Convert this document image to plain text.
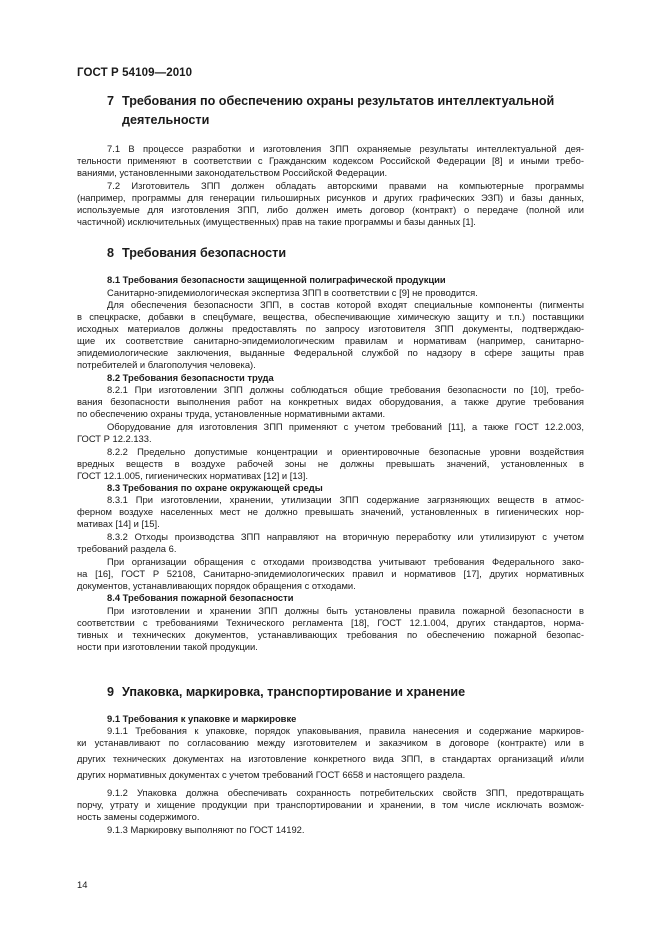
ГОСТ Р 54109—2010
7 Требования по обеспечению охраны результатов интеллектуальной
деятельности
7.1 В процессе разработки и изготовления ЗПП охраняемые результаты интеллектуальной дея-
тельности применяют в соответствии с Гражданским кодексом Российской Федерации [8] и иными требо-
ваниями, установленными законодательством Российской Федерации.
7.2 Изготовитель ЗПП должен обладать авторскими правами на компьютерные программы
(например, программы для генерации гильоширных рисунков и других графических ЭЗП) и базы данных,
используемые для изготовления ЗПП, либо должен иметь договор (контракт) о передаче (полной или
частичной) исключительных (имущественных) прав на такие программы и базы данных [1].
8 Требования безопасности
8.1 Требования безопасности защищенной полиграфической продукции
Санитарно-эпидемиологическая экспертиза ЗПП в соответствии с [9] не проводится.
Для обеспечения безопасности ЗПП, в состав которой входят специальные компоненты (пигменты
в спецкраске, добавки в спецбумаге, вещества, обеспечивающие химическую защиту и т.п.) поставщики
исходных материалов должны предоставлять по запросу изготовителя ЗПП документы, подтверждаю-
щие их соответствие санитарно-эпидемиологическим правилам и нормативам (например, санитарно-
эпидемиологические заключения, выданные Федеральной службой по надзору в сфере защиты прав
потребителей и благополучия человека).
8.2 Требования безопасности труда
8.2.1 При изготовлении ЗПП должны соблюдаться общие требования безопасности по [10], требо-
вания безопасности выполнения работ на конкретных видах оборудования, а также другие требования
по обеспечению охраны труда, установленные нормативными актами.
Оборудование для изготовления ЗПП применяют с учетом требований [11], а также ГОСТ 12.2.003,
ГОСТ Р 12.2.133.
8.2.2 Предельно допустимые концентрации и ориентировочные безопасные уровни воздействия
вредных веществ в воздухе рабочей зоны не должны превышать значений, установленных в
ГОСТ 12.1.005, гигиенических нормативах [12] и [13].
8.3 Требования по охране окружающей среды
8.3.1 При изготовлении, хранении, утилизации ЗПП содержание загрязняющих веществ в атмос-
ферном воздухе населенных мест не должно превышать значений, установленных в гигиенических нор-
мативах [14] и [15].
8.3.2 Отходы производства ЗПП направляют на вторичную переработку или утилизируют с учетом
требований раздела 6.
При организации обращения с отходами производства учитывают требования Федерального зако-
на [16], ГОСТ Р 52108, Санитарно-эпидемиологических правил и нормативов [17], других нормативных
документов, устанавливающих порядок обращения с отходами.
8.4 Требования пожарной безопасности
При изготовлении и хранении ЗПП должны быть установлены правила пожарной безопасности в
соответствии с требованиями Технического регламента [18], ГОСТ 12.1.004, других стандартов, норма-
тивных и технических документов, устанавливающих требования по обеспечению пожарной безопас-
ности при изготовлении такой продукции.
9 Упаковка, маркировка, транспортирование и хранение
9.1 Требования к упаковке и маркировке
9.1.1 Требования к упаковке, порядок упаковывания, правила нанесения и содержание маркиров-
ки устанавливают по согласованию между изготовителем и заказчиком в договоре (контракте) или в
других технических документах на изготовление конкретного вида ЗПП, в стандартах организаций и/или
других нормативных документах с учетом требований ГОСТ 6658 и настоящего раздела.
9.1.2 Упаковка должна обеспечивать сохранность потребительских свойств ЗПП, предотвращать
порчу, утрату и хищение продукции при транспортировании и хранении, в том числе исключать возмож-
ность замены содержимого.
9.1.3 Маркировку выполняют по ГОСТ 14192.
14
